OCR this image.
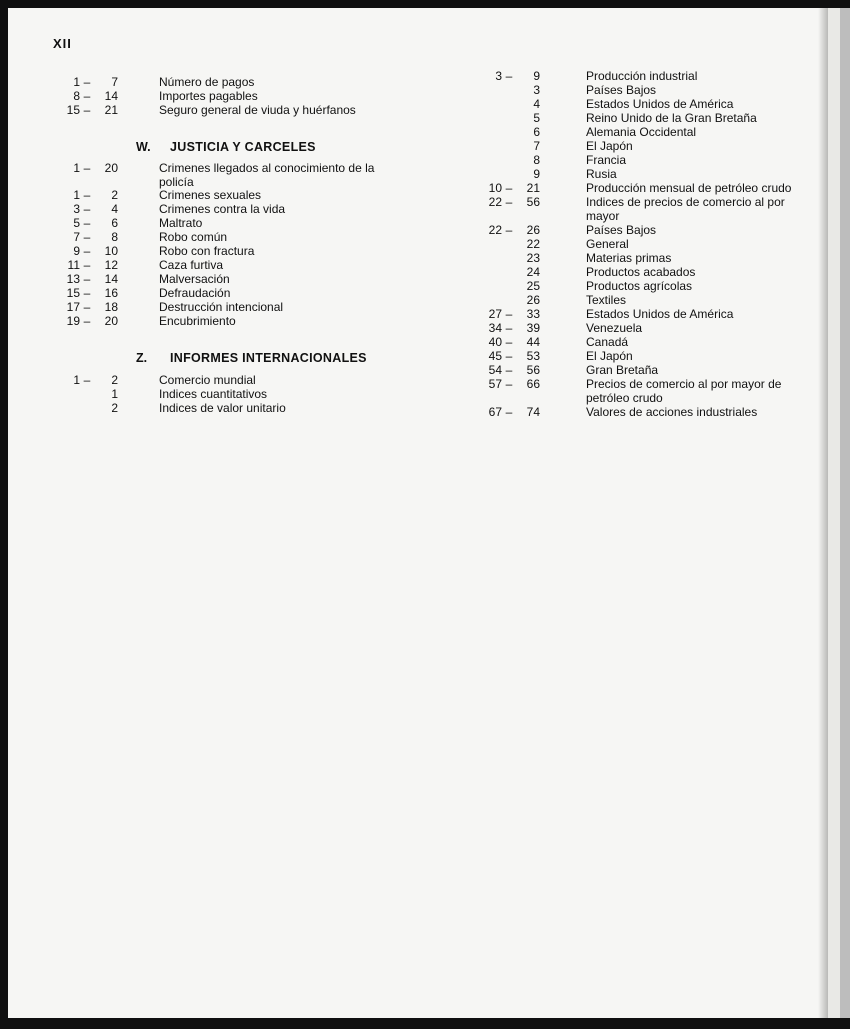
XII
1 – 7	Número de pagos
8 – 14	Importes pagables
15 – 21	Seguro general de viuda y huérfanos
W.	JUSTICIA Y CARCELES
1 – 20	Crimenes llegados al conocimiento de la
policía
1 – 2	Crimenes sexuales
3 – 4	Crimenes contra la vida
5 – 6	Maltrato
7 – 8	Robo común
9 – 10	Robo con fractura
11 – 12	Caza furtiva
13 – 14	Malversación
15 – 16	Defraudación
17 – 18	Destrucción intencional
19 – 20	Encubrimiento
Z.	INFORMES INTERNACIONALES
1 – 2	Comercio mundial
1	Indices cuantitativos
2	Indices de valor unitario
3 – 9	Producción industrial
3	Países Bajos
4	Estados Unidos de América
5	Reino Unido de la Gran Bretaña
6	Alemania Occidental
7	El Japón
8	Francia
9	Rusia
10 – 21	Producción mensual de petróleo crudo
22 – 56	Indices de precios de comercio al por
mayor
22 – 26	Países Bajos
22	General
23	Materias primas
24	Productos acabados
25	Productos agrícolas
26	Textiles
27 – 33	Estados Unidos de América
34 – 39	Venezuela
40 – 44	Canadá
45 – 53	El Japón
54 – 56	Gran Bretaña
57 – 66	Precios de comercio al por mayor de
petróleo crudo
67 – 74	Valores de acciones industriales
